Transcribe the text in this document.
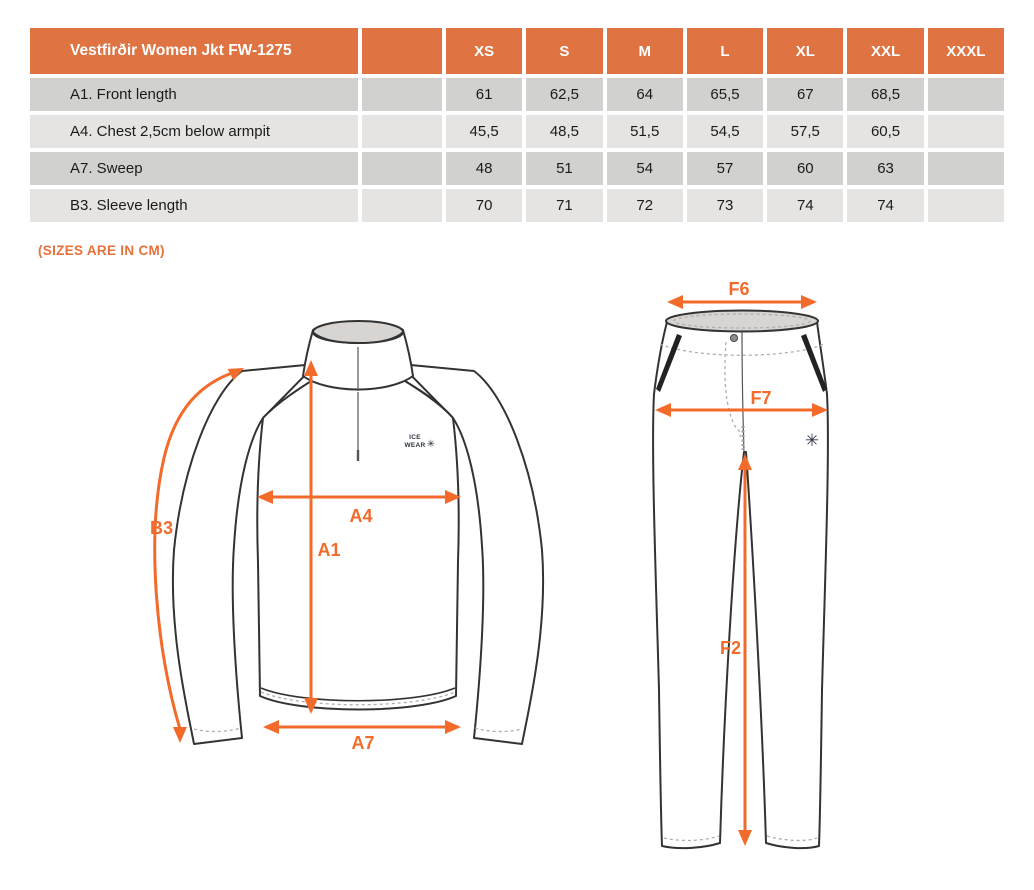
Vestfirðir Women Jkt FW-1275	XS	S	M	L	XL	XXL	XXXL
A1. Front length	61	62,5	64	65,5	67	68,5
A4. Chest 2,5cm below armpit	45,5	48,5	51,5	54,5	57,5	60,5
A7. Sweep	48	51	54	57	60	63
B3. Sleeve length	70	71	72	73	74	74
(SIZES ARE IN CM)
ICE
WEAR ✳
B3
A1
A4
A7
✳
F6
F7
F2
